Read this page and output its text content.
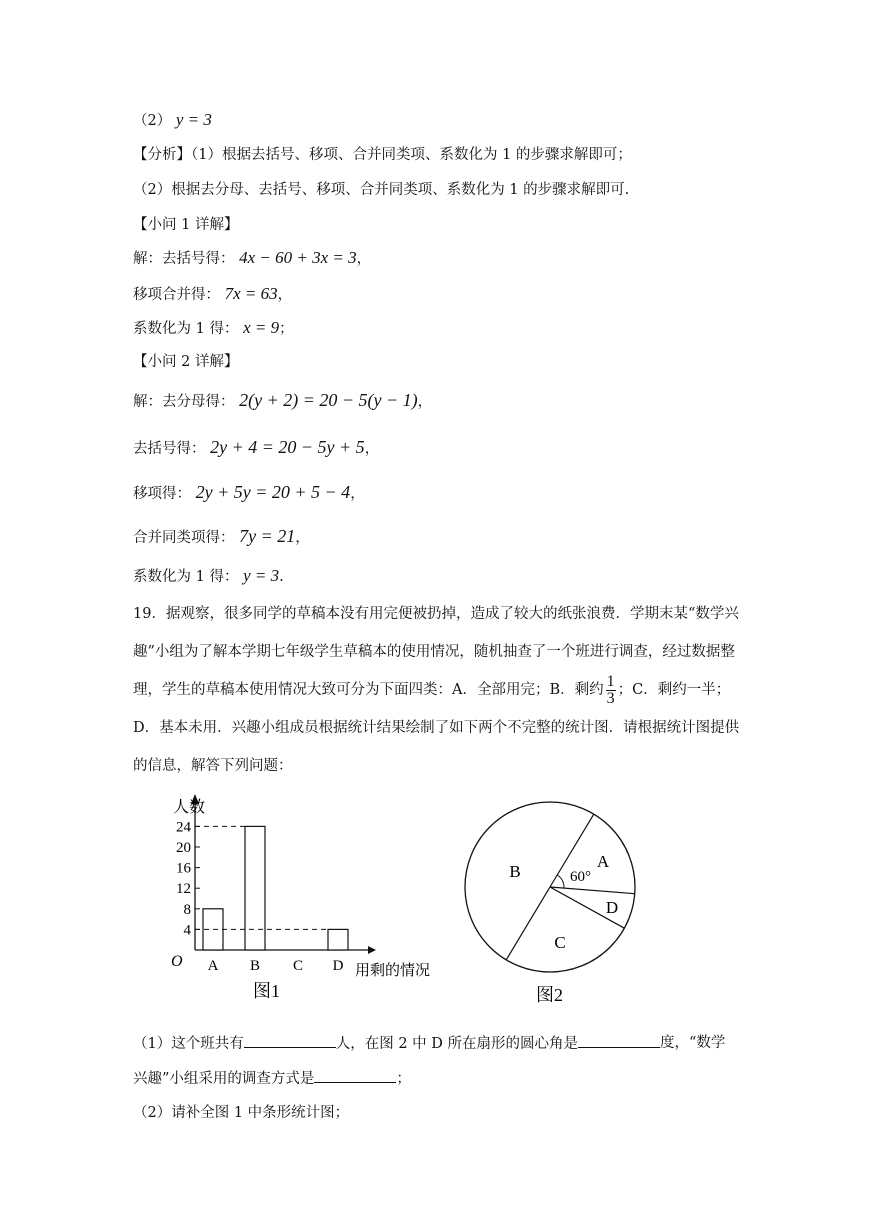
（2） y = 3
【分析】（1）根据去括号、移项、合并同类项、系数化为 1 的步骤求解即可；
（2）根据去分母、去括号、移项、合并同类项、系数化为 1 的步骤求解即可.
【小问 1 详解】
解：去括号得： 4x − 60 + 3x = 3，
移项合并得： 7x = 63，
系数化为 1 得： x = 9；
【小问 2 详解】
解：去分母得： 2(y + 2) = 20 − 5(y − 1)，
去括号得： 2y + 4 = 20 − 5y + 5，
移项得： 2y + 5y = 20 + 5 − 4，
合并同类项得： 7y = 21，
系数化为 1 得： y = 3.
19．据观察，很多同学的草稿本没有用完便被扔掉，造成了较大的纸张浪费．学期末某“数学兴趣”小组为了解本学期七年级学生草稿本的使用情况，随机抽查了一个班进行调查，经过数据整理，学生的草稿本使用情况大致可分为下面四类：A．全部用完；B．剩约 $\frac{1}{3}$ ；C．剩约一半；D．基本未用．兴趣小组成员根据统计结果绘制了如下两个不完整的统计图．请根据统计图提供的信息，解答下列问题：
4
8
12
16
20
24
A B C D
人数
O
用剩的情况
图1
60°
A
B
C
D
图2
（1）这个班共有	人，在图 2 中 D 所在扇形的圆心角是	度，“数学
兴趣”小组采用的调查方式是	；
（2）请补全图 1 中条形统计图；
